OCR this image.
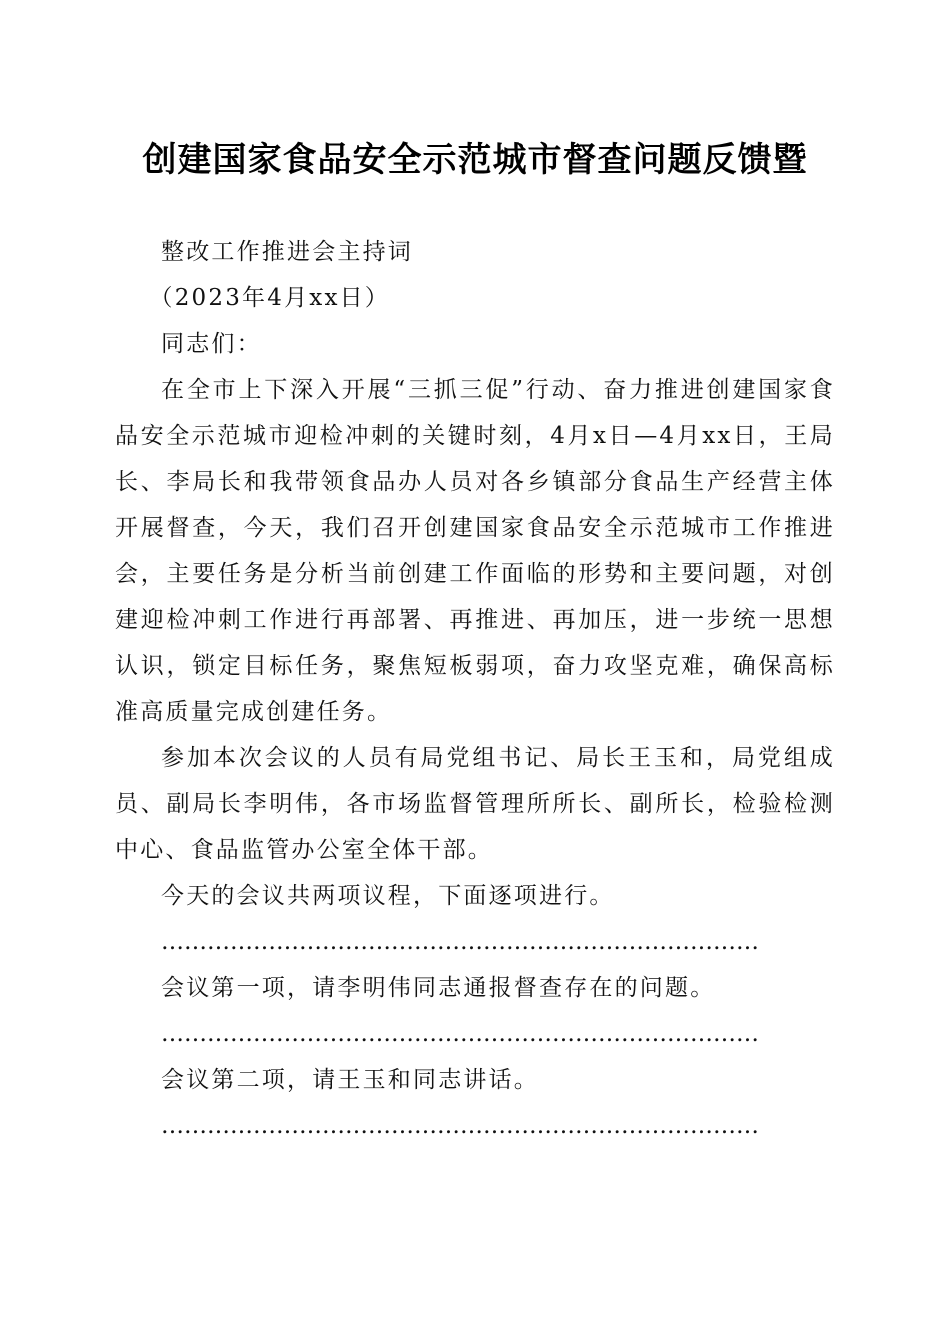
创建国家食品安全示范城市督查问题反馈暨

整改工作推进会主持词

（2023年4月xx日）

同志们：

在全市上下深入开展“三抓三促”行动、奋力推进创建国家食品安全示范城市迎检冲刺的关键时刻，4月x日—4月xx日，王局长、李局长和我带领食品办人员对各乡镇部分食品生产经营主体开展督查，今天，我们召开创建国家食品安全示范城市工作推进会，主要任务是分析当前创建工作面临的形势和主要问题，对创建迎检冲刺工作进行再部署、再推进、再加压，进一步统一思想认识，锁定目标任务，聚焦短板弱项，奋力攻坚克难，确保高标准高质量完成创建任务。

参加本次会议的人员有局党组书记、局长王玉和，局党组成员、副局长李明伟，各市场监督管理所所长、副所长，检验检测中心、食品监管办公室全体干部。

今天的会议共两项议程，下面逐项进行。

……………………………………………………………………

会议第一项，请李明伟同志通报督查存在的问题。

……………………………………………………………………

会议第二项，请王玉和同志讲话。

……………………………………………………………………
